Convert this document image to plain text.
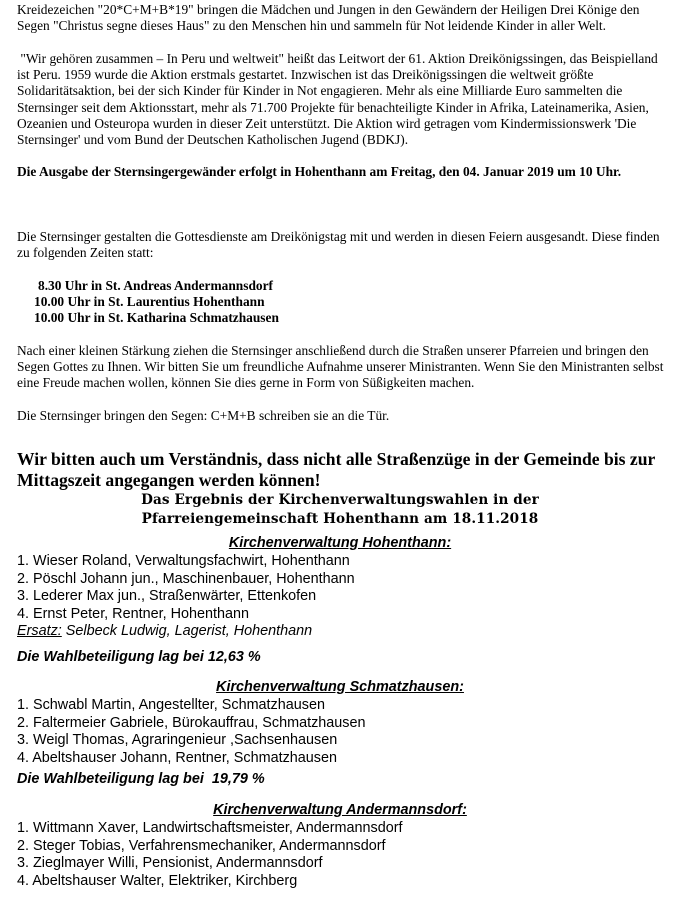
Kreidezeichen "20*C+M+B*19" bringen die Mädchen und Jungen in den Gewändern der Heiligen Drei Könige den Segen "Christus segne dieses Haus" zu den Menschen hin und sammeln für Not leidende Kinder in aller Welt.

"Wir gehören zusammen – In Peru und weltweit" heißt das Leitwort der 61. Aktion Dreikönigssingen, das Beispielland ist Peru. 1959 wurde die Aktion erstmals gestartet. Inzwischen ist das Dreikönigssingen die weltweit größte Solidaritätsaktion, bei der sich Kinder für Kinder in Not engagieren. Mehr als eine Milliarde Euro sammelten die Sternsinger seit dem Aktionsstart, mehr als 71.700 Projekte für benachteiligte Kinder in Afrika, Lateinamerika, Asien, Ozeanien und Osteuropa wurden in dieser Zeit unterstützt. Die Aktion wird getragen vom Kindermissionswerk 'Die Sternsinger' und vom Bund der Deutschen Katholischen Jugend (BDKJ).

Die Ausgabe der Sternsingergewänder erfolgt in Hohenthann am Freitag, den 04. Januar 2019 um 10 Uhr.

Die Sternsinger gestalten die Gottesdienste am Dreikönigstag mit und werden in diesen Feiern ausgesandt. Diese finden zu folgenden Zeiten statt:

8.30 Uhr in St. Andreas Andermannsdorf
10.00 Uhr in St. Laurentius Hohenthann
10.00 Uhr in St. Katharina Schmatzhausen

Nach einer kleinen Stärkung ziehen die Sternsinger anschließend durch die Straßen unserer Pfarreien und bringen den Segen Gottes zu Ihnen. Wir bitten Sie um freundliche Aufnahme unserer Ministranten. Wenn Sie den Ministranten selbst eine Freude machen wollen, können Sie dies gerne in Form von Süßigkeiten machen.

Die Sternsinger bringen den Segen: C+M+B schreiben sie an die Tür.

Wir bitten auch um Verständnis, dass nicht alle Straßenzüge in der Gemeinde bis zur Mittagszeit angegangen werden können!

Das Ergebnis der Kirchenverwaltungswahlen in der
Pfarreiengemeinschaft Hohenthann am 18.11.2018

Kirchenverwaltung Hohenthann:

1. Wieser Roland, Verwaltungsfachwirt, Hohenthann
2. Pöschl Johann jun., Maschinenbauer, Hohenthann
3. Lederer Max jun., Straßenwärter, Ettenkofen
4. Ernst Peter, Rentner, Hohenthann
Ersatz: Selbeck Ludwig, Lagerist, Hohenthann

Die Wahlbeteiligung lag bei 12,63 %

Kirchenverwaltung Schmatzhausen:

1. Schwabl Martin, Angestellter, Schmatzhausen
2. Faltermeier Gabriele, Bürokauffrau, Schmatzhausen
3. Weigl Thomas, Agraringenieur ,Sachsenhausen
4. Abeltshauser Johann, Rentner, Schmatzhausen

Die Wahlbeteiligung lag bei  19,79 %

Kirchenverwaltung Andermannsdorf:

1. Wittmann Xaver, Landwirtschaftsmeister, Andermannsdorf
2. Steger Tobias, Verfahrensmechaniker, Andermannsdorf
3. Zieglmayer Willi, Pensionist, Andermannsdorf
4. Abeltshauser Walter, Elektriker, Kirchberg
